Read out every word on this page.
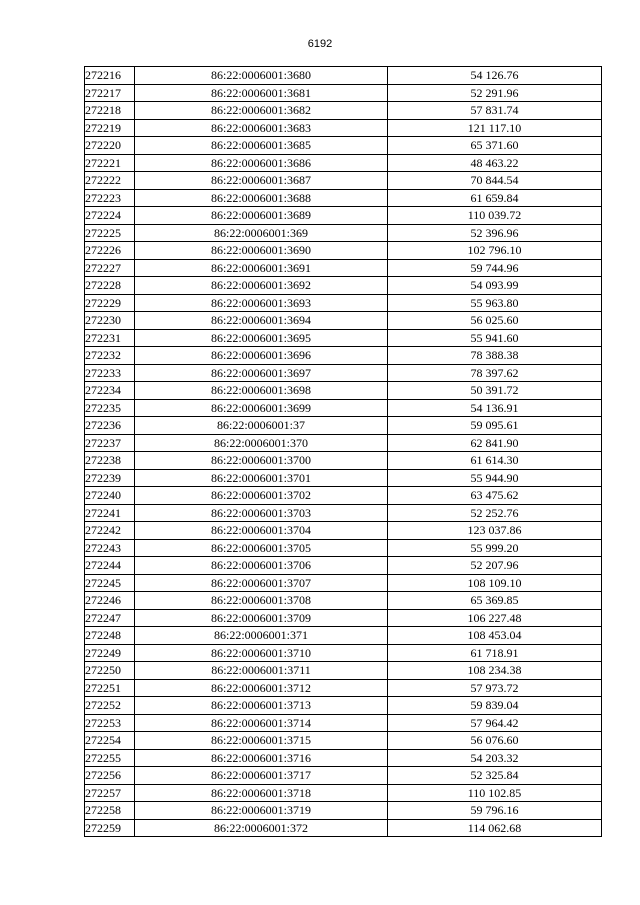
6192
272216	86:22:0006001:3680	54 126.76
272217	86:22:0006001:3681	52 291.96
272218	86:22:0006001:3682	57 831.74
272219	86:22:0006001:3683	121 117.10
272220	86:22:0006001:3685	65 371.60
272221	86:22:0006001:3686	48 463.22
272222	86:22:0006001:3687	70 844.54
272223	86:22:0006001:3688	61 659.84
272224	86:22:0006001:3689	110 039.72
272225	86:22:0006001:369	52 396.96
272226	86:22:0006001:3690	102 796.10
272227	86:22:0006001:3691	59 744.96
272228	86:22:0006001:3692	54 093.99
272229	86:22:0006001:3693	55 963.80
272230	86:22:0006001:3694	56 025.60
272231	86:22:0006001:3695	55 941.60
272232	86:22:0006001:3696	78 388.38
272233	86:22:0006001:3697	78 397.62
272234	86:22:0006001:3698	50 391.72
272235	86:22:0006001:3699	54 136.91
272236	86:22:0006001:37	59 095.61
272237	86:22:0006001:370	62 841.90
272238	86:22:0006001:3700	61 614.30
272239	86:22:0006001:3701	55 944.90
272240	86:22:0006001:3702	63 475.62
272241	86:22:0006001:3703	52 252.76
272242	86:22:0006001:3704	123 037.86
272243	86:22:0006001:3705	55 999.20
272244	86:22:0006001:3706	52 207.96
272245	86:22:0006001:3707	108 109.10
272246	86:22:0006001:3708	65 369.85
272247	86:22:0006001:3709	106 227.48
272248	86:22:0006001:371	108 453.04
272249	86:22:0006001:3710	61 718.91
272250	86:22:0006001:3711	108 234.38
272251	86:22:0006001:3712	57 973.72
272252	86:22:0006001:3713	59 839.04
272253	86:22:0006001:3714	57 964.42
272254	86:22:0006001:3715	56 076.60
272255	86:22:0006001:3716	54 203.32
272256	86:22:0006001:3717	52 325.84
272257	86:22:0006001:3718	110 102.85
272258	86:22:0006001:3719	59 796.16
272259	86:22:0006001:372	114 062.68
